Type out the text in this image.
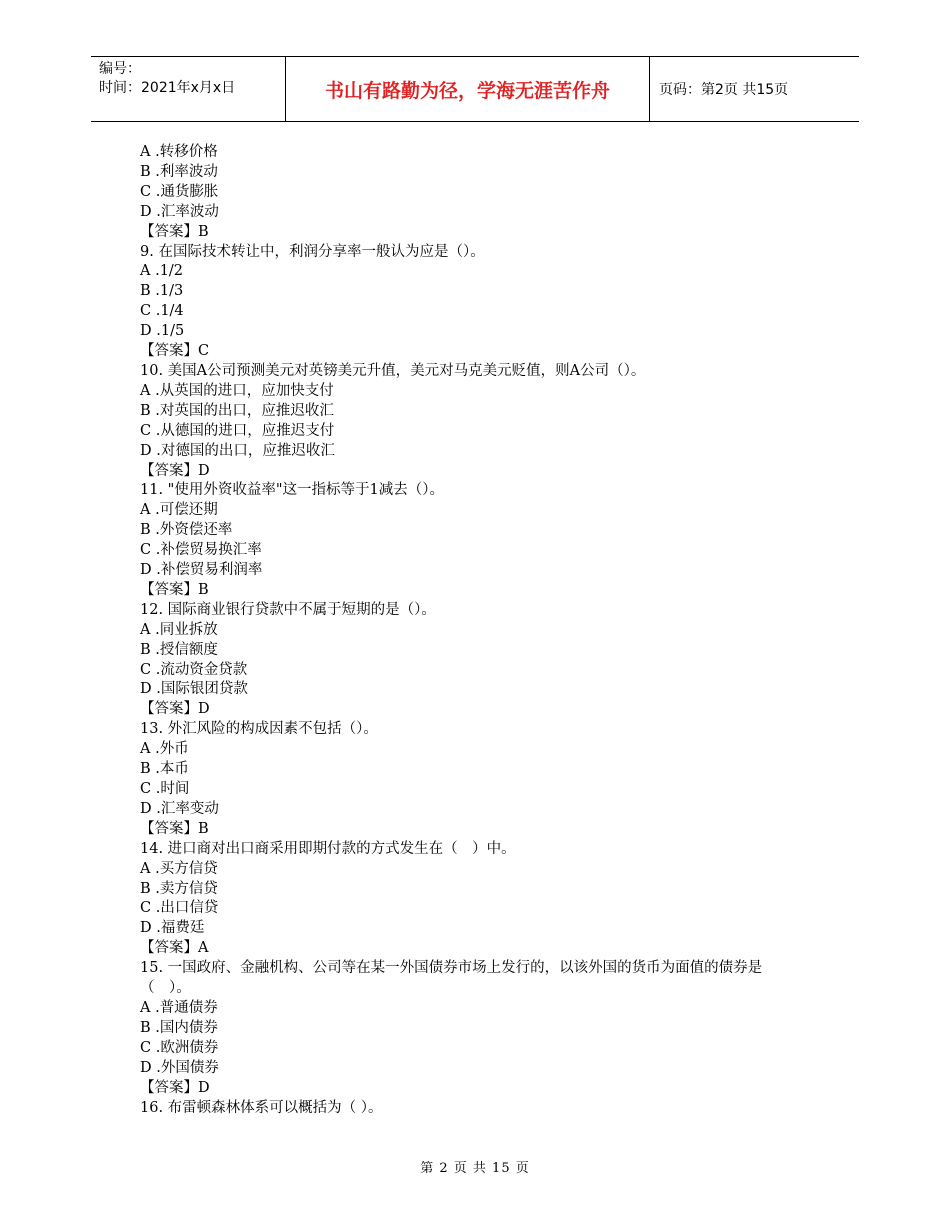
编号：
时间：2021年x月x日	书山有路勤为径，学海无涯苦作舟	页码：第2页 共15页
A .转移价格
B .利率波动
C .通货膨胀
D .汇率波动
【答案】B
9. 在国际技术转让中，利润分享率一般认为应是（）。
A .1/2
B .1/3
C .1/4
D .1/5
【答案】C
10. 美国A公司预测美元对英镑美元升值，美元对马克美元贬值，则A公司（）。
A .从英国的进口，应加快支付
B .对英国的出口，应推迟收汇
C .从德国的进口，应推迟支付
D .对德国的出口，应推迟收汇
【答案】D
11. "使用外资收益率"这一指标等于1减去（）。
A .可偿还期
B .外资偿还率
C .补偿贸易换汇率
D .补偿贸易利润率
【答案】B
12. 国际商业银行贷款中不属于短期的是（）。
A .同业拆放
B .授信额度
C .流动资金贷款
D .国际银团贷款
【答案】D
13. 外汇风险的构成因素不包括（）。
A .外币
B .本币
C .时间
D .汇率变动
【答案】B
14. 进口商对出口商采用即期付款的方式发生在（　）中。
A .买方信贷
B .卖方信贷
C .出口信贷
D .福费廷
【答案】A
15. 一国政府、金融机构、公司等在某一外国债券市场上发行的，以该外国的货币为面值的债券是（　）。
A .普通债券
B .国内债券
C .欧洲债券
D .外国债券
【答案】D
16. 布雷顿森林体系可以概括为（ ）。
第 2 页 共 15 页
